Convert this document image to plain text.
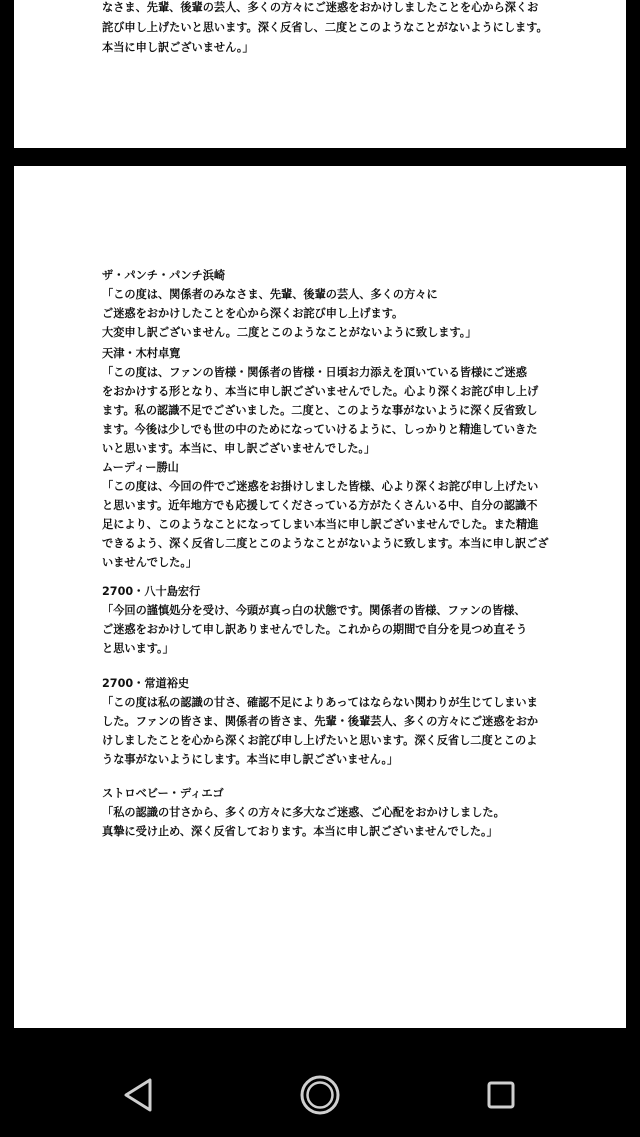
なさま、先輩、後輩の芸人、多くの方々にご迷惑をおかけしましたことを心から深くお
詫び申し上げたいと思います。深く反省し、二度とこのようなことがないようにします。
本当に申し訳ございません。」
ザ・パンチ・パンチ浜崎
「この度は、関係者のみなさま、先輩、後輩の芸人、多くの方々に
ご迷惑をおかけしたことを心から深くお詫び申し上げます。
大変申し訳ございません。二度とこのようなことがないように致します。」
天津・木村卓寛
「この度は、ファンの皆様・関係者の皆様・日頃お力添えを頂いている皆様にご迷惑
をおかけする形となり、本当に申し訳ございませんでした。心より深くお詫び申し上げ
ます。私の認識不足でございました。二度と、このような事がないように深く反省致し
ます。今後は少しでも世の中のためになっていけるように、しっかりと精進していきた
いと思います。本当に、申し訳ございませんでした。」
ムーディー勝山
「この度は、今回の件でご迷惑をお掛けしました皆様、心より深くお詫び申し上げたい
と思います。近年地方でも応援してくださっている方がたくさんいる中、自分の認識不
足により、このようなことになってしまい本当に申し訳ございませんでした。また精進
できるよう、深く反省し二度とこのようなことがないように致します。本当に申し訳ござ
いませんでした。」
2700・八十島宏行
「今回の謹慎処分を受け、今頭が真っ白の状態です。関係者の皆様、ファンの皆様、
ご迷惑をおかけして申し訳ありませんでした。これからの期間で自分を見つめ直そう
と思います。」
2700・常道裕史
「この度は私の認識の甘さ、確認不足によりあってはならない関わりが生じてしまいま
した。ファンの皆さま、関係者の皆さま、先輩・後輩芸人、多くの方々にご迷惑をおか
けしましたことを心から深くお詫び申し上げたいと思います。深く反省し二度とこのよ
うな事がないようにします。本当に申し訳ございません。」
ストロベビー・ディエゴ
「私の認識の甘さから、多くの方々に多大なご迷惑、ご心配をおかけしました。
真摯に受け止め、深く反省しております。本当に申し訳ございませんでした。」
